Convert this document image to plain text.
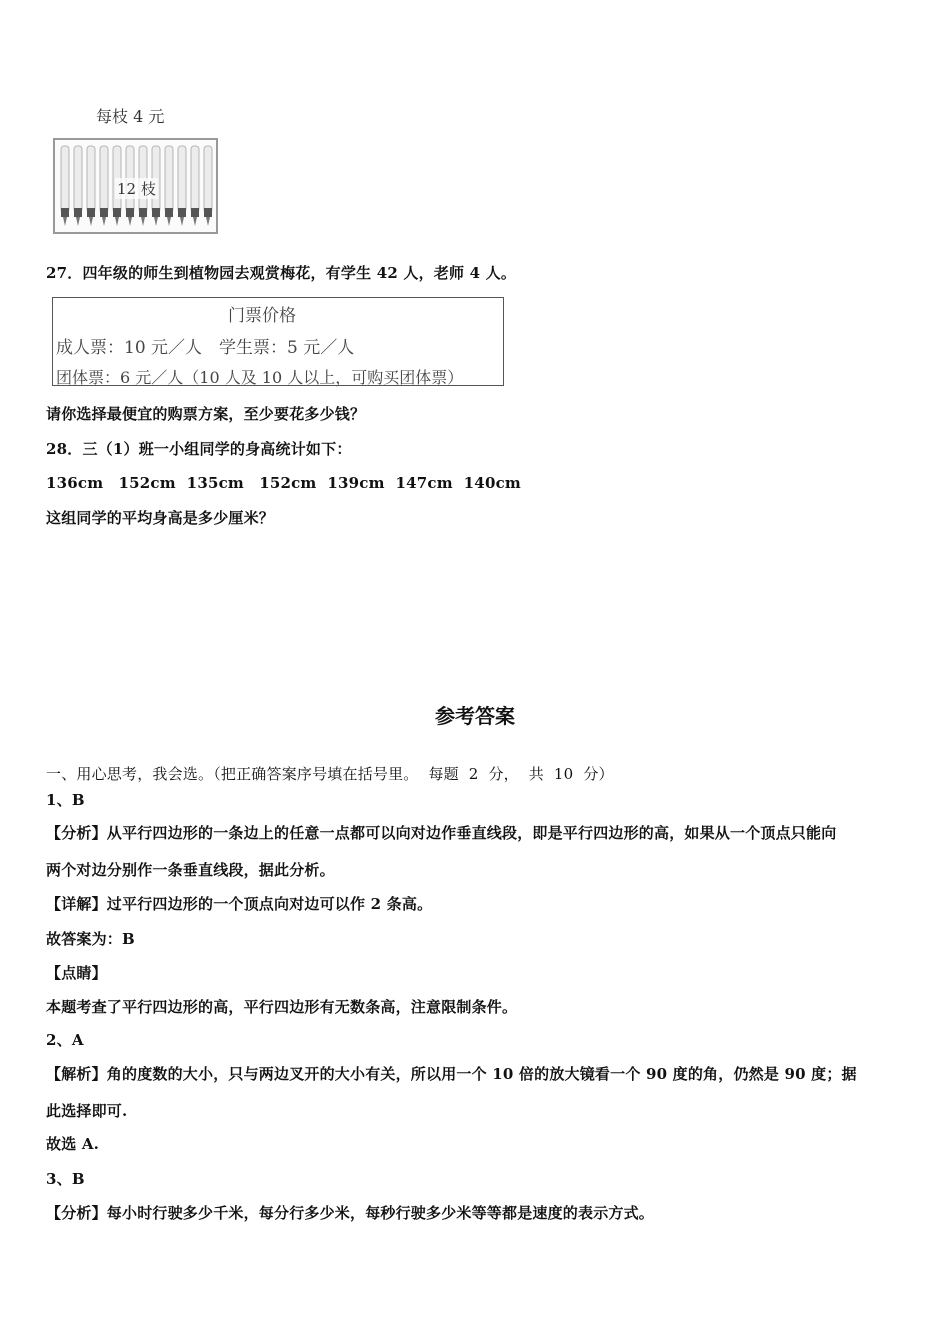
每枝 4 元
12 枝
27．四年级的师生到植物园去观赏梅花，有学生 42 人，老师 4 人。
门票价格
成人票：10 元／人　学生票：5 元／人
团体票：6 元／人（10 人及 10 人以上，可购买团体票）
请你选择最便宜的购票方案，至少要花多少钱？
28．三（1）班一小组同学的身高统计如下：
136cm　152cm  135cm　152cm  139cm  147cm  140cm
这组同学的平均身高是多少厘米？
参考答案
一、用心思考，我会选。（把正确答案序号填在括号里。  每题  2  分，  共  10  分）
1、B
【分析】从平行四边形的一条边上的任意一点都可以向对边作垂直线段，即是平行四边形的高，如果从一个顶点只能向
两个对边分别作一条垂直线段，据此分析。
【详解】过平行四边形的一个顶点向对边可以作 2 条高。
故答案为：B
【点睛】
本题考查了平行四边形的高，平行四边形有无数条高，注意限制条件。
2、A
【解析】角的度数的大小，只与两边叉开的大小有关，所以用一个 10 倍的放大镜看一个 90 度的角，仍然是 90 度；据
此选择即可.
故选 A.
3、B
【分析】每小时行驶多少千米，每分行多少米，每秒行驶多少米等等都是速度的表示方式。
